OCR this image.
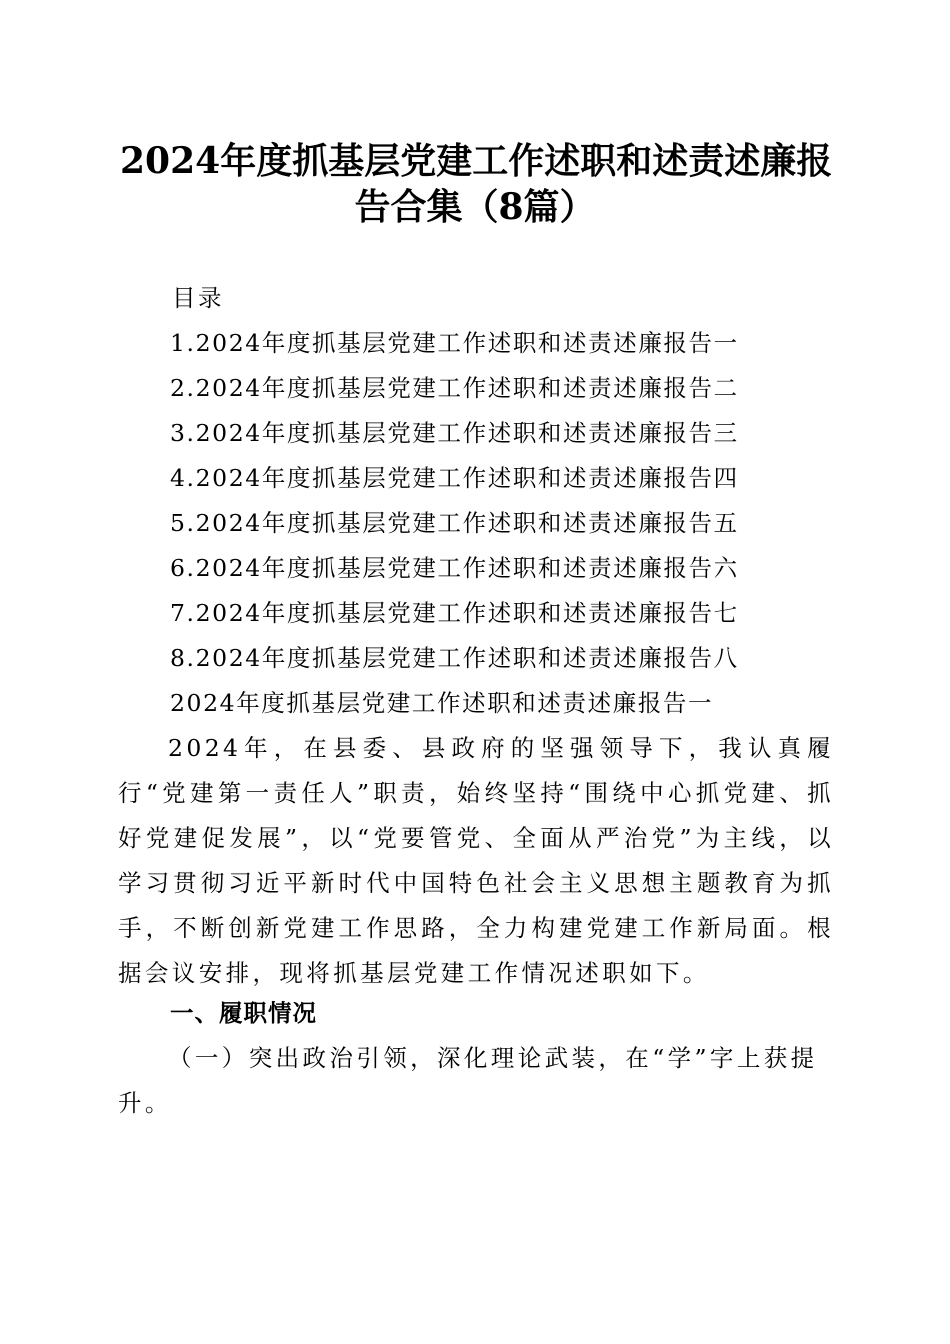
2024年度抓基层党建工作述职和述责述廉报
告合集（8篇）
目录
1.2024年度抓基层党建工作述职和述责述廉报告一
2.2024年度抓基层党建工作述职和述责述廉报告二
3.2024年度抓基层党建工作述职和述责述廉报告三
4.2024年度抓基层党建工作述职和述责述廉报告四
5.2024年度抓基层党建工作述职和述责述廉报告五
6.2024年度抓基层党建工作述职和述责述廉报告六
7.2024年度抓基层党建工作述职和述责述廉报告七
8.2024年度抓基层党建工作述职和述责述廉报告八
2024年度抓基层党建工作述职和述责述廉报告一
2024年，在县委、县政府的坚强领导下，我认真履行“党建第一责任人”职责，始终坚持“围绕中心抓党建、抓好党建促发展”，以“党要管党、全面从严治党”为主线，以学习贯彻习近平新时代中国特色社会主义思想主题教育为抓手，不断创新党建工作思路，全力构建党建工作新局面。根据会议安排，现将抓基层党建工作情况述职如下。
一、履职情况
（一）突出政治引领，深化理论武装，在“学”字上获提升。
